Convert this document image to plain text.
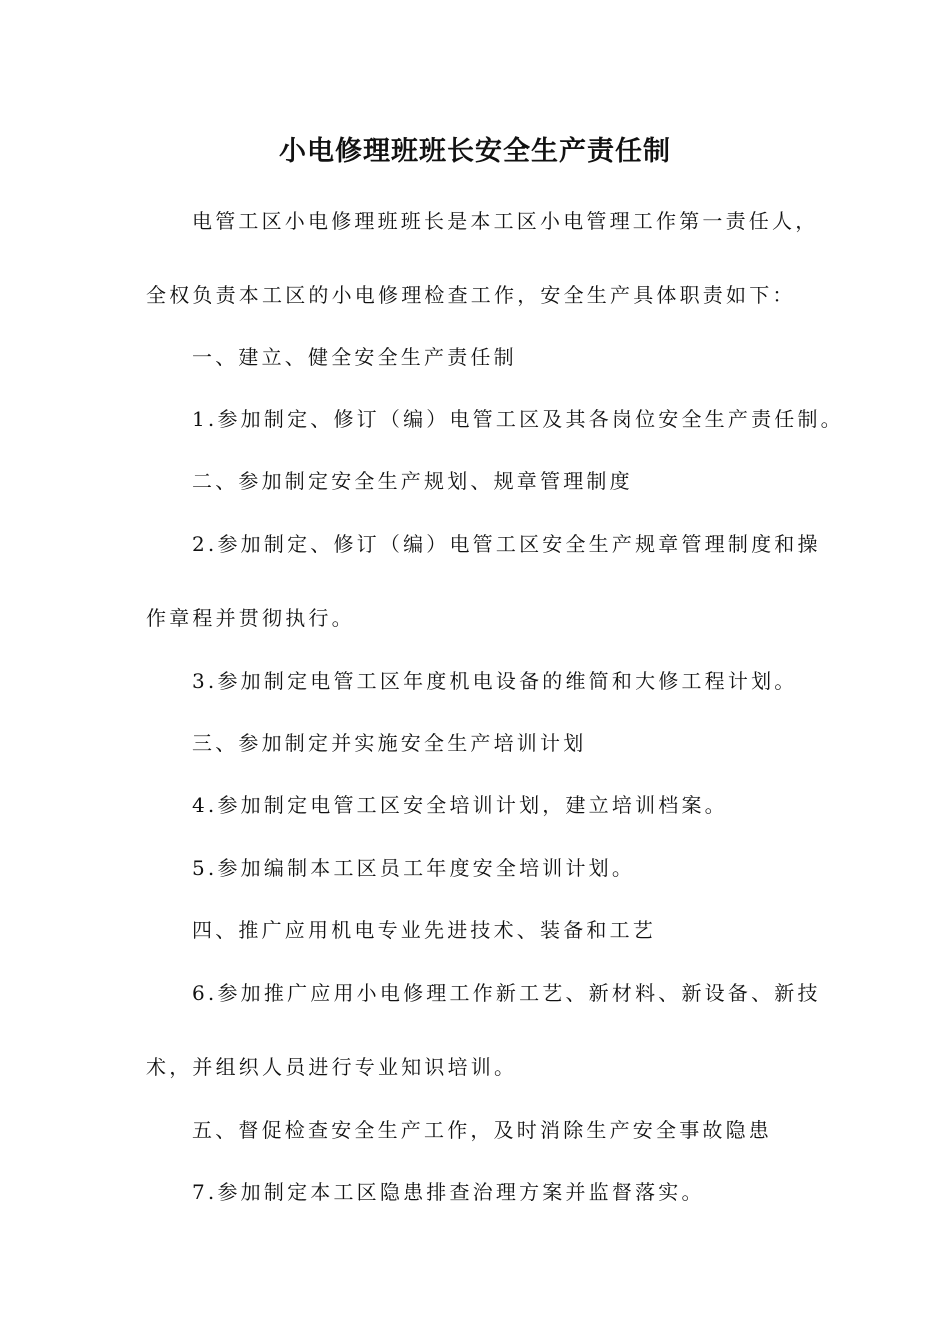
小电修理班班长安全生产责任制
电管工区小电修理班班长是本工区小电管理工作第一责任人，
全权负责本工区的小电修理检查工作，安全生产具体职责如下：
一、建立、健全安全生产责任制
1.参加制定、修订（编）电管工区及其各岗位安全生产责任制。
二、参加制定安全生产规划、规章管理制度
2.参加制定、修订（编）电管工区安全生产规章管理制度和操
作章程并贯彻执行。
3.参加制定电管工区年度机电设备的维简和大修工程计划。
三、参加制定并实施安全生产培训计划
4.参加制定电管工区安全培训计划，建立培训档案。
5.参加编制本工区员工年度安全培训计划。
四、推广应用机电专业先进技术、装备和工艺
6.参加推广应用小电修理工作新工艺、新材料、新设备、新技
术，并组织人员进行专业知识培训。
五、督促检查安全生产工作，及时消除生产安全事故隐患
7.参加制定本工区隐患排查治理方案并监督落实。
